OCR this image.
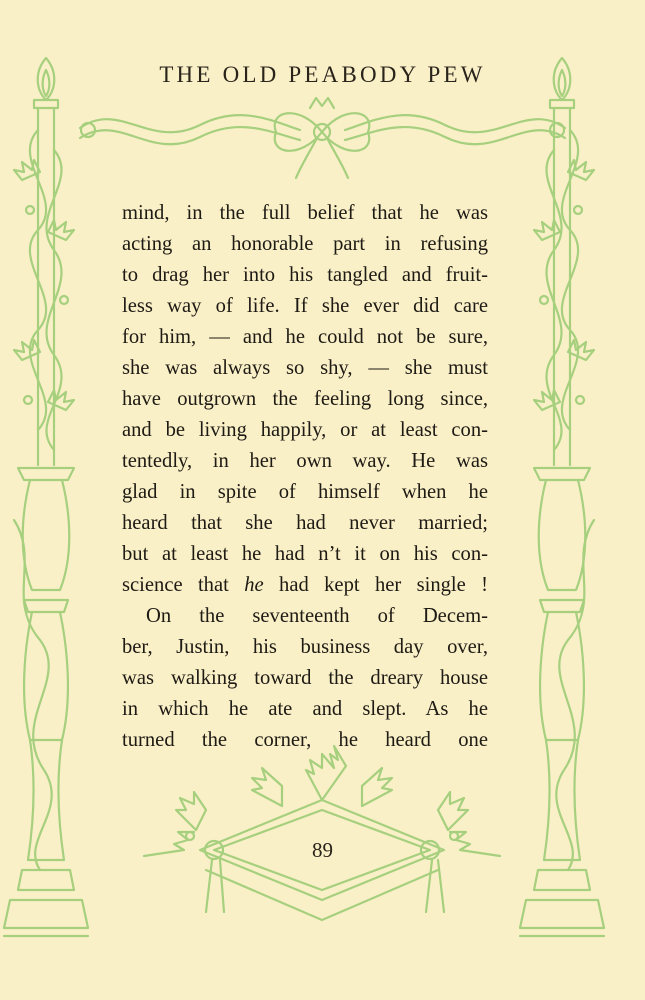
THE OLD PEABODY PEW
mind, in the full belief that he was
acting an honorable part in refusing
to drag her into his tangled and fruit-
less way of life. If she ever did care
for him, — and he could not be sure,
she was always so shy, — she must
have outgrown the feeling long since,
and be living happily, or at least con-
tentedly, in her own way. He was
glad in spite of himself when he
heard that she had never married;
but at least he had n’t it on his con-
science that he had kept her single !
On the seventeenth of Decem-
ber, Justin, his business day over,
was walking toward the dreary house
in which he ate and slept. As he
turned the corner, he heard one
89
